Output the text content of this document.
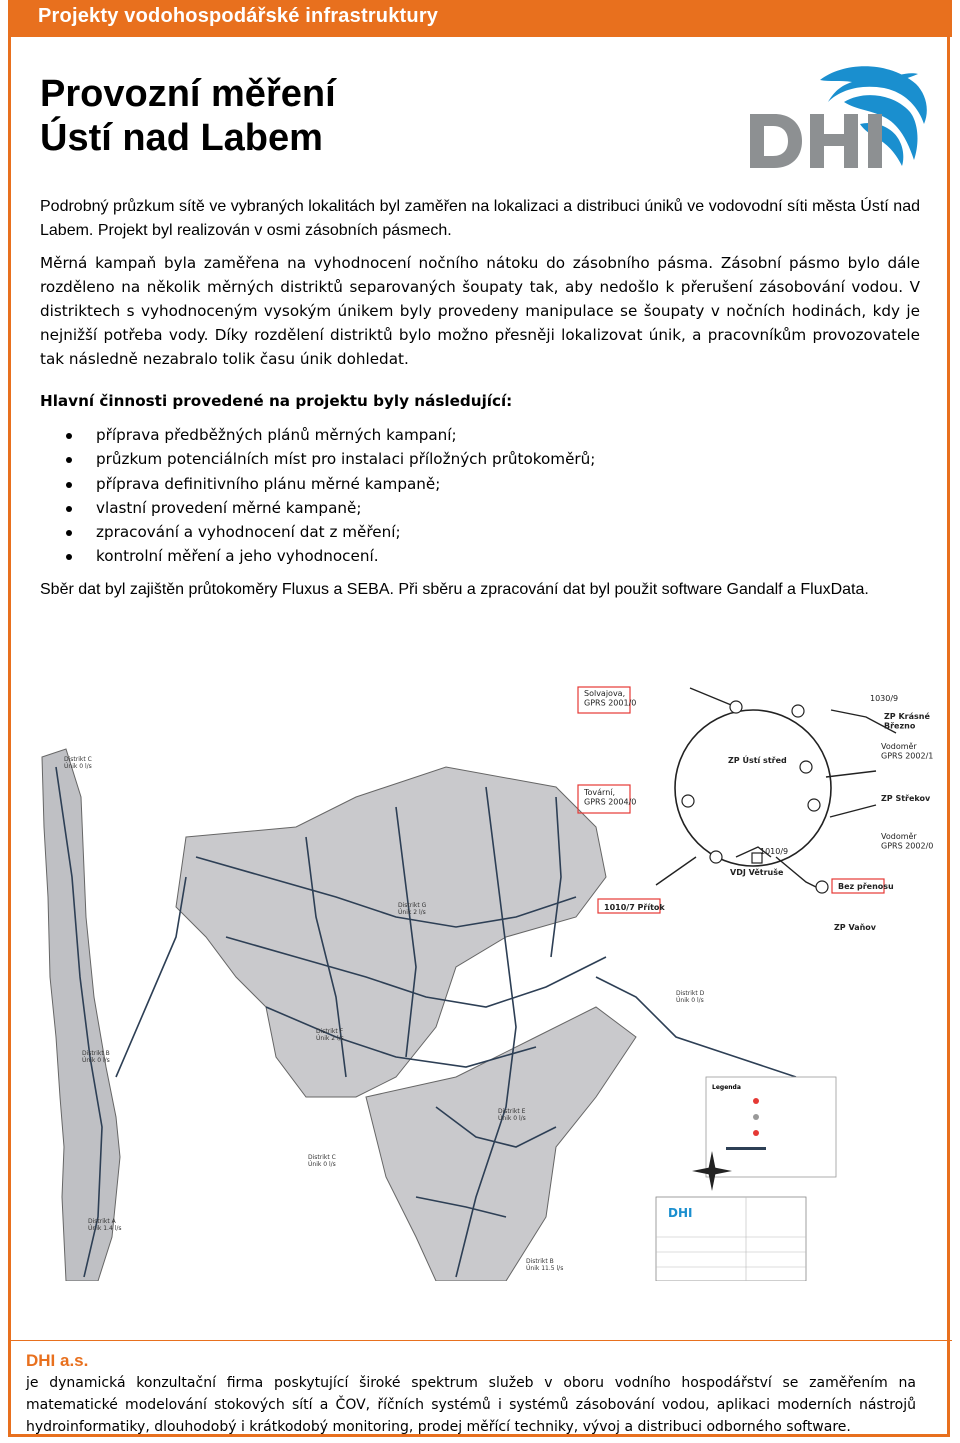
Projekty vodohospodářské infrastruktury
Provozní měření
Ústí nad Labem
DHI
Podrobný průzkum sítě ve vybraných lokalitách byl zaměřen na lokalizaci a distribuci úniků ve vodovodní síti města Ústí nad Labem. Projekt byl realizován v osmi zásobních pásmech.
Měrná kampaň byla zaměřena na vyhodnocení nočního nátoku do zásobního pásma. Zásobní pásmo bylo dále rozděleno na několik měrných distriktů separovaných šoupaty tak, aby nedošlo k přerušení zásobování vodou. V distriktech s vyhodnoceným vysokým únikem byly provedeny manipulace se šoupaty v nočních hodinách, kdy je nejnižší potřeba vody. Díky rozdělení distriktů bylo možno přesněji lokalizovat únik, a pracovníkům provozovatele tak následně nezabralo tolik času únik dohledat.
Hlavní činnosti provedené na projektu byly následující:
příprava předběžných plánů měrných kampaní;
průzkum potenciálních míst pro instalaci příložných průtokoměrů;
příprava definitivního plánu měrné kampaně;
vlastní provedení měrné kampaně;
zpracování a vyhodnocení dat z měření;
kontrolní měření a jeho vyhodnocení.
Sběr dat byl zajištěn průtokoměry Fluxus a SEBA. Při sběru a zpracování dat byl použit software Gandalf a FluxData.
Distrikt C Únik 0 l/s
Distrikt G Únik 2 l/s
Distrikt D Únik 0 l/s
Distrikt F Únik 2 l/s
Distrikt B Únik 0 l/s
Distrikt E Únik 0 l/s
Distrikt C Únik 0 l/s
Distrikt A Únik 1.4 l/s
Distrikt B Únik 11.5 l/s
Legenda
DHI
Solvajova, GPRS 2001/0
1030/9
ZP Krásné Březno
ZP Ústí střed
Vodoměr GPRS 2002/1
Tovární, GPRS 2004/0	ZP Střekov
1010/9
Vodoměr GPRS 2002/0
VDJ Větruše
1010/7 Přítok
Bez přenosu
ZP Vaňov
DHI a.s.
je dynamická konzultační firma poskytující široké spektrum služeb v oboru vodního hospodářství se zaměřením na matematické modelování stokových sítí a ČOV, říčních systémů i systémů zásobování vodou, aplikaci moderních nástrojů hydroinformatiky, dlouhodobý i krátkodobý monitoring, prodej měřící techniky, vývoj a distribuci odborného software.
